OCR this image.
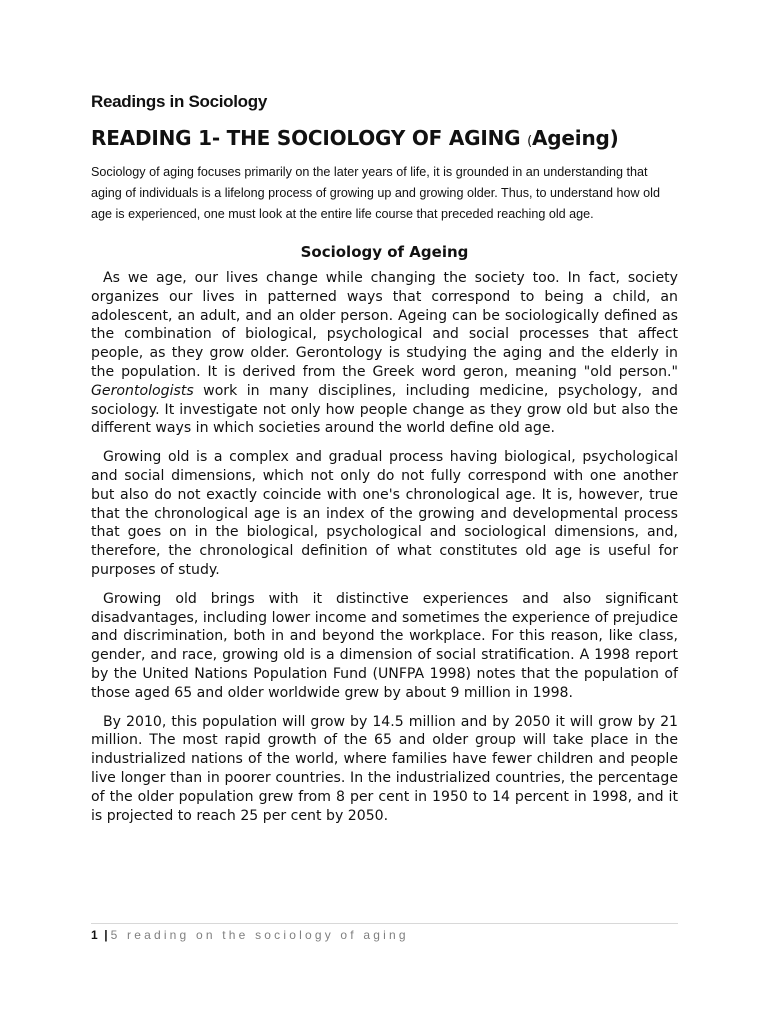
Readings in Sociology
READING 1- THE SOCIOLOGY OF AGING (Ageing)

Sociology of aging focuses primarily on the later years of life, it is grounded in an understanding that aging of individuals is a lifelong process of growing up and growing older. Thus, to understand how old age is experienced, one must look at the entire life course that preceded reaching old age.

Sociology of Ageing

As we age, our lives change while changing the society too. In fact, society organizes our lives in patterned ways that correspond to being a child, an adolescent, an adult, and an older person. Ageing can be sociologically defined as the combination of biological, psychological and social processes that affect people, as they grow older. Gerontology is studying the aging and the elderly in the population. It is derived from the Greek word geron, meaning "old person." Gerontologists work in many disciplines, including medicine, psychology, and sociology. It investigate not only how people change as they grow old but also the different ways in which societies around the world define old age.

Growing old is a complex and gradual process having biological, psychological and social dimensions, which not only do not fully correspond with one another but also do not exactly coincide with one's chronological age. It is, however, true that the chronological age is an index of the growing and developmental process that goes on in the biological, psychological and sociological dimensions, and, therefore, the chronological definition of what constitutes old age is useful for purposes of study.

Growing old brings with it distinctive experiences and also significant disadvantages, including lower income and sometimes the experience of prejudice and discrimination, both in and beyond the workplace. For this reason, like class, gender, and race, growing old is a dimension of social stratification. A 1998 report by the United Nations Population Fund (UNFPA 1998) notes that the population of those aged 65 and older worldwide grew by about 9 million in 1998.

By 2010, this population will grow by 14.5 million and by 2050 it will grow by 21 million. The most rapid growth of the 65 and older group will take place in the industrialized nations of the world, where families have fewer children and people live longer than in poorer countries. In the industrialized countries, the percentage of the older population grew from 8 per cent in 1950 to 14 percent in 1998, and it is projected to reach 25 per cent by 2050.

1 | 5 reading on the sociology of aging
